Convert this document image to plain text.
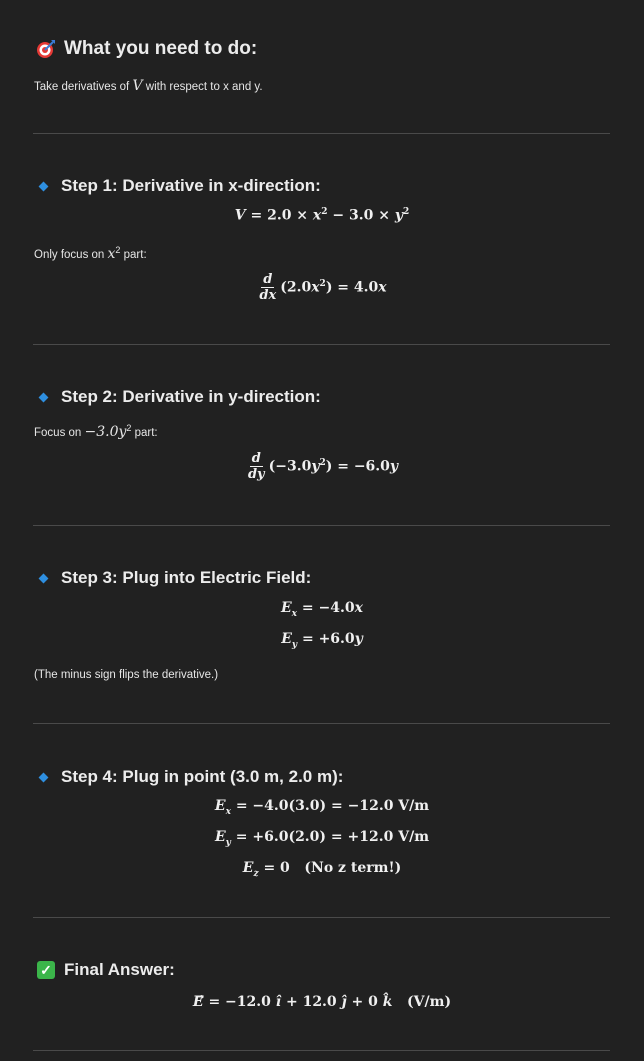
What you need to do:
Take derivatives of V with respect to x and y.
Step 1: Derivative in x-direction:
$V = 2.0 \times x^2 - 3.0 \times y^2$
Only focus on $x^2$ part:
$\frac{d}{dx} (2.0x^2) = 4.0x$
Step 2: Derivative in y-direction:
Focus on $-3.0y^2$ part:
$\frac{d}{dy} (-3.0y^2) = -6.0y$
Step 3: Plug into Electric Field:
$E_x = -4.0x$
$E_y = +6.0y$
(The minus sign flips the derivative.)
Step 4: Plug in point (3.0 m, 2.0 m):
$E_x = -4.0(3.0) = -12.0$ V/m
$E_y = +6.0(2.0) = +12.0$ V/m
$E_z = 0$   (No z term!)
✓ Final Answer:
E⃗ = −12.0 î + 12.0 ĵ + 0 k̂   (V/m)
